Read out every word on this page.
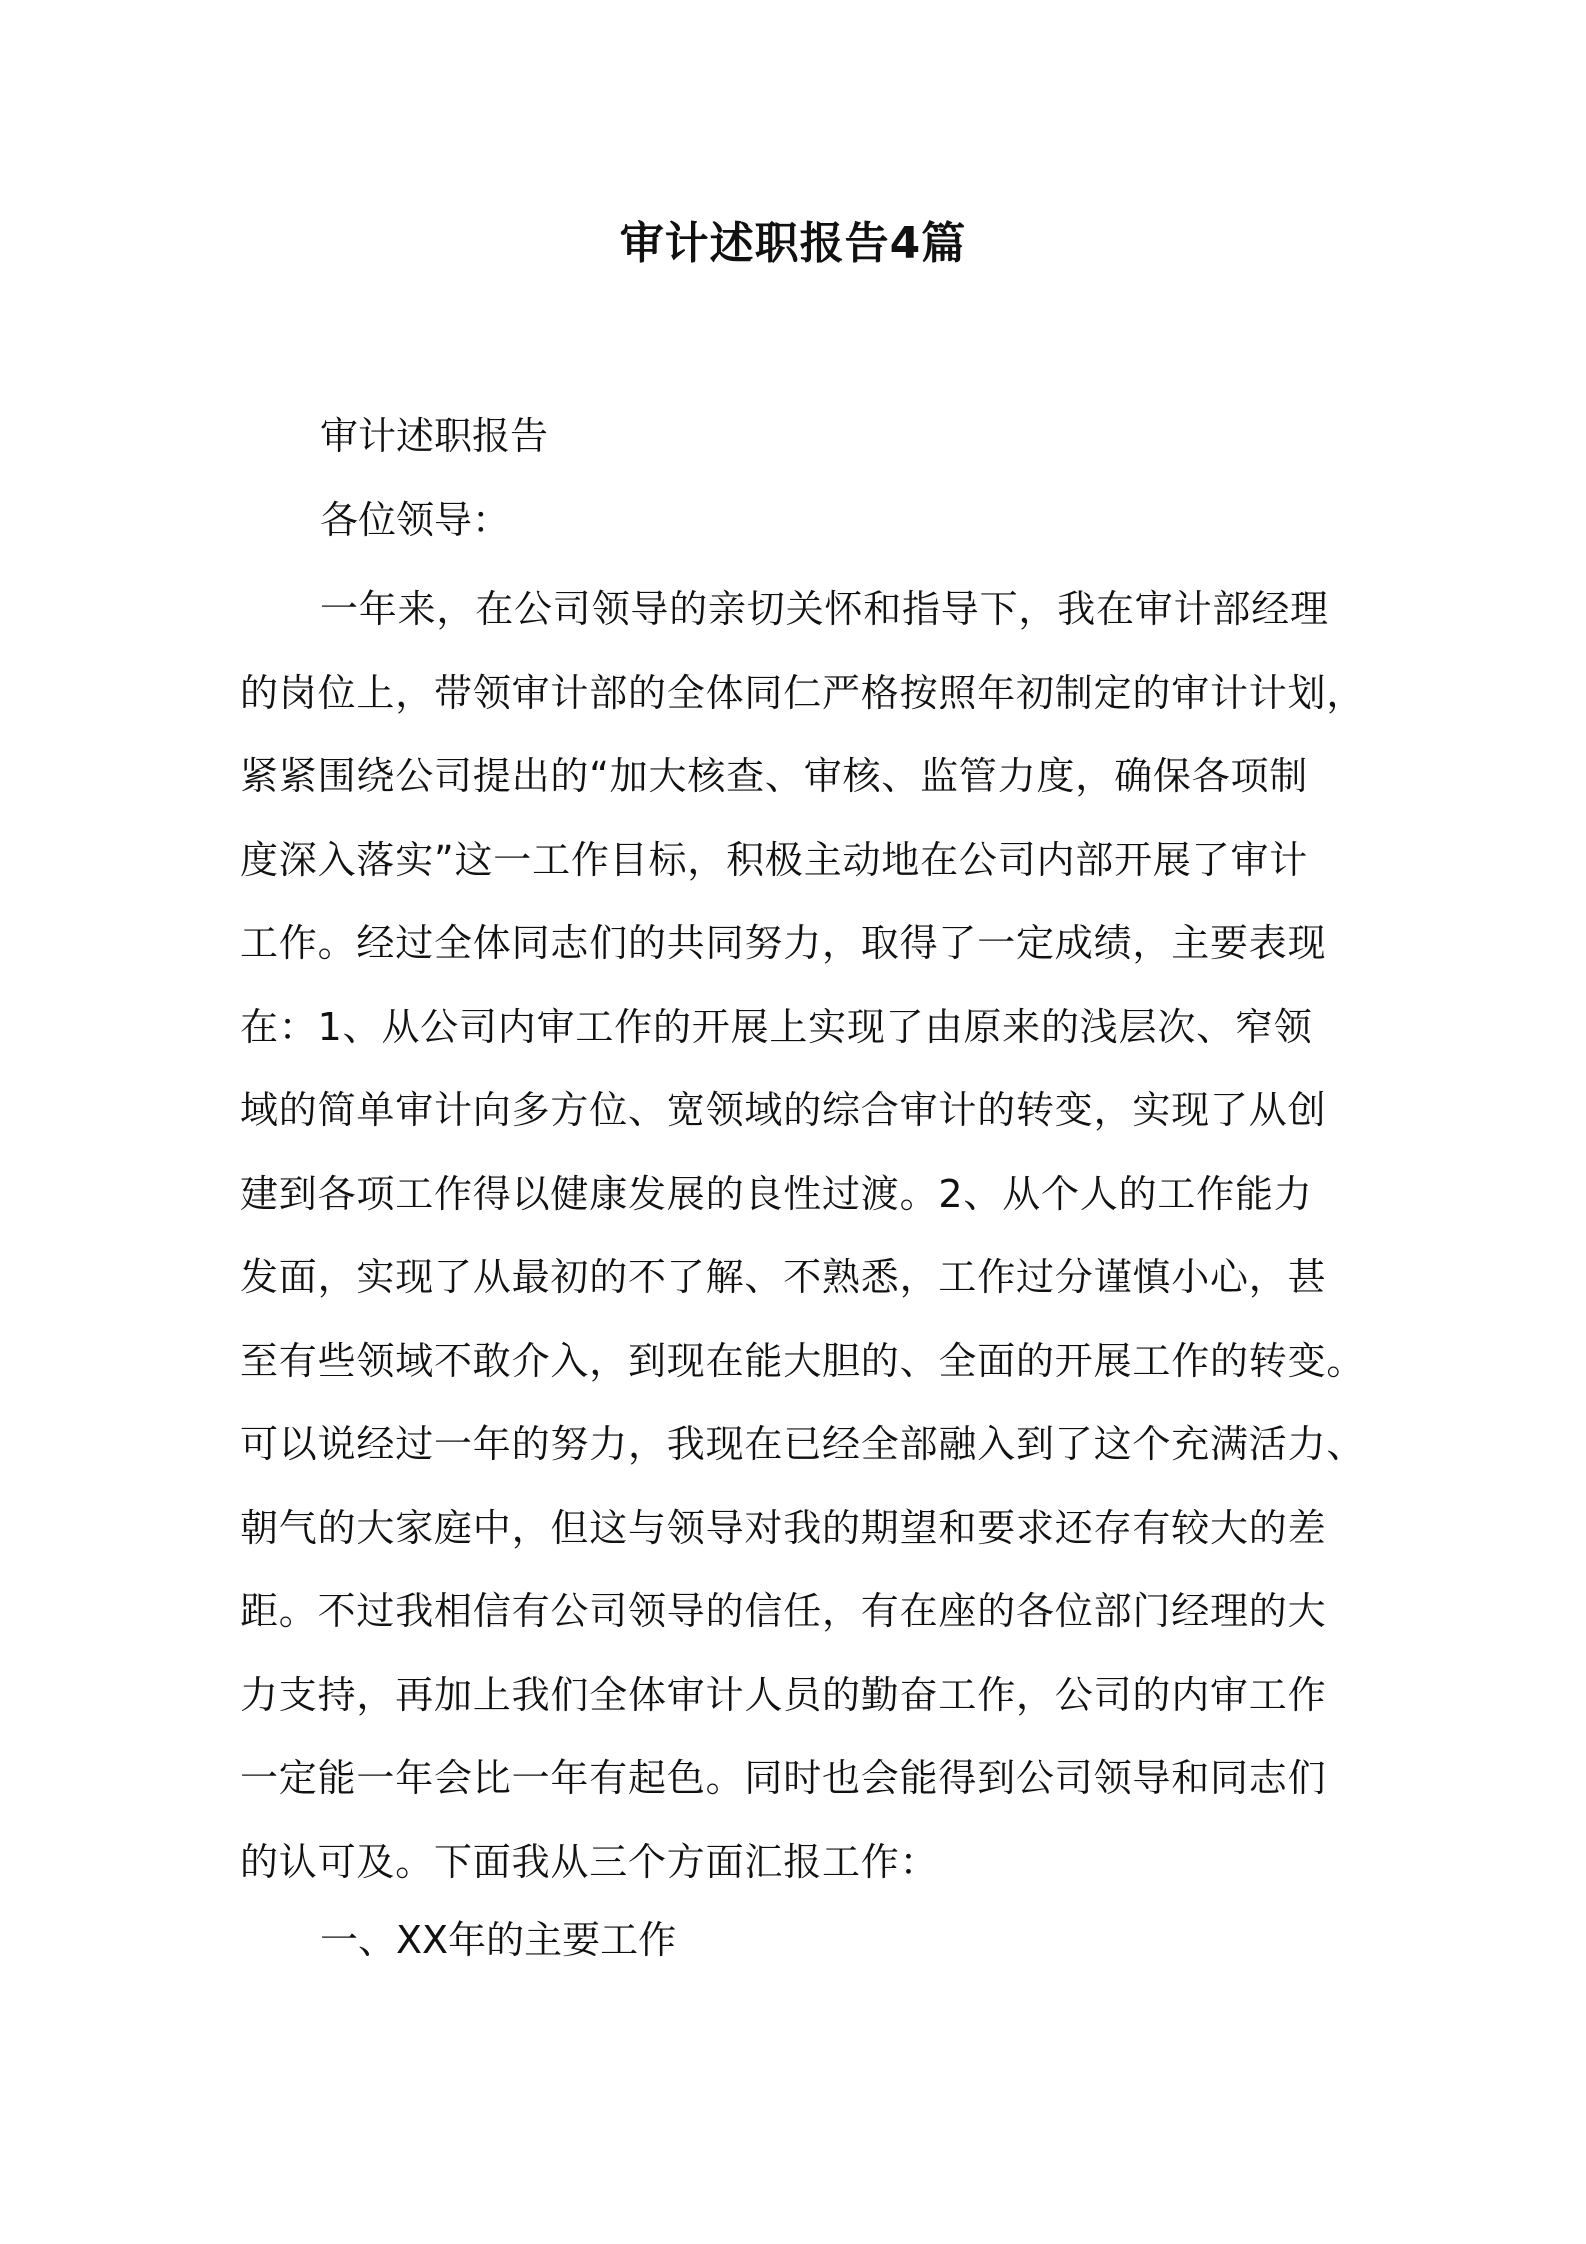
审计述职报告4篇
审计述职报告
各位领导：
一年来，在公司领导的亲切关怀和指导下，我在审计部经理
的岗位上，带领审计部的全体同仁严格按照年初制定的审计计划，
紧紧围绕公司提出的“加大核查、审核、监管力度，确保各项制
度深入落实”这一工作目标，积极主动地在公司内部开展了审计
工作。经过全体同志们的共同努力，取得了一定成绩，主要表现
在：1、从公司内审工作的开展上实现了由原来的浅层次、窄领
域的简单审计向多方位、宽领域的综合审计的转变，实现了从创
建到各项工作得以健康发展的良性过渡。2、从个人的工作能力
发面，实现了从最初的不了解、不熟悉，工作过分谨慎小心，甚
至有些领域不敢介入，到现在能大胆的、全面的开展工作的转变。
可以说经过一年的努力，我现在已经全部融入到了这个充满活力、
朝气的大家庭中，但这与领导对我的期望和要求还存有较大的差
距。不过我相信有公司领导的信任，有在座的各位部门经理的大
力支持，再加上我们全体审计人员的勤奋工作，公司的内审工作
一定能一年会比一年有起色。同时也会能得到公司领导和同志们
的认可及。下面我从三个方面汇报工作：
一、XX年的主要工作
